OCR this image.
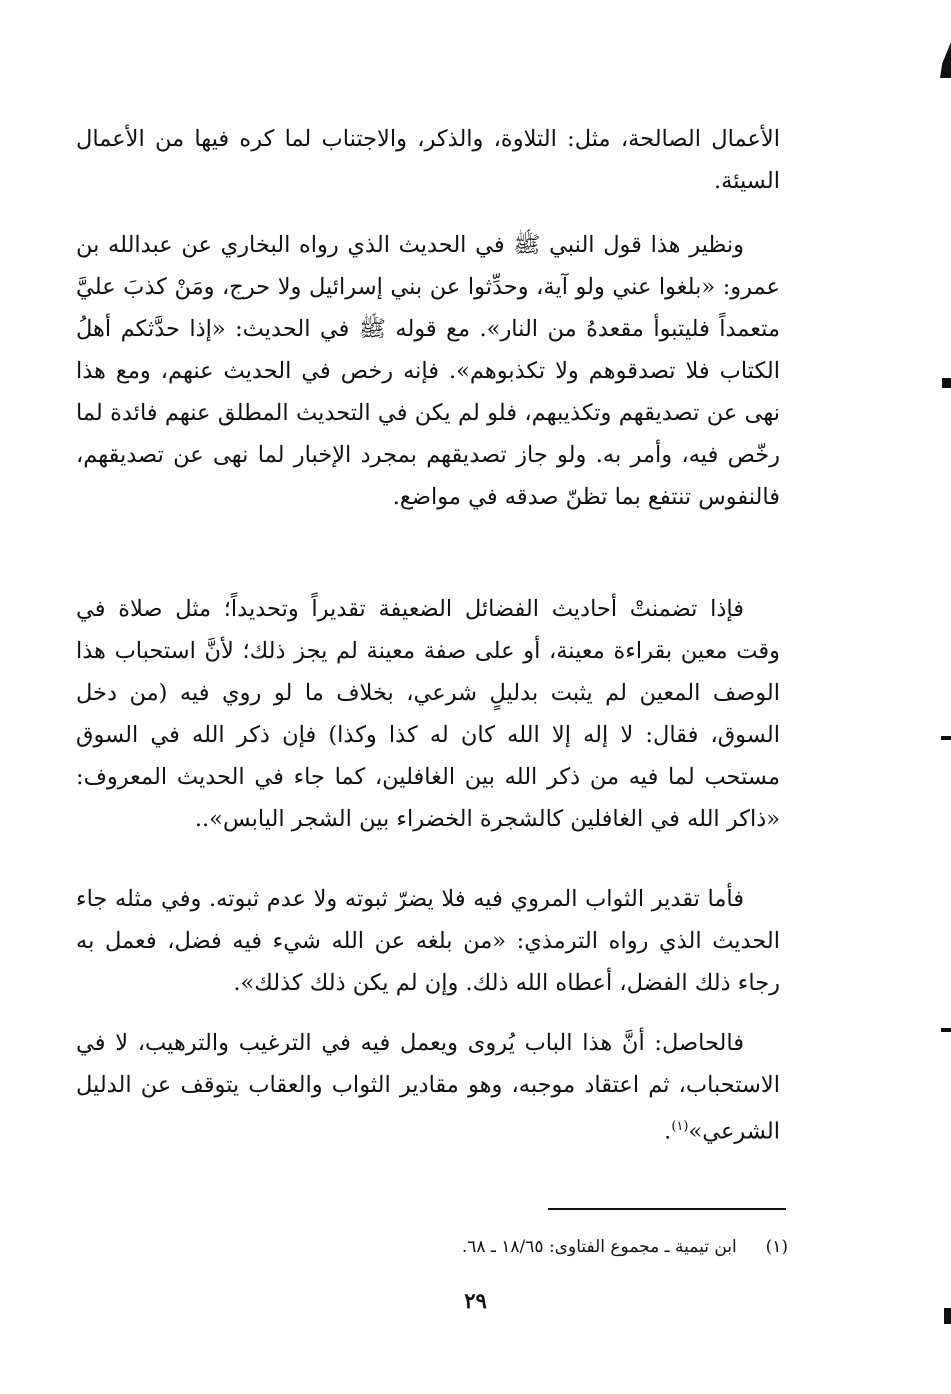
الأعمال الصالحة، مثل: التلاوة، والذكر، والاجتناب لما كره فيها من الأعمال السيئة.

ونظير هذا قول النبي ﷺ في الحديث الذي رواه البخاري عن عبدالله بن عمرو: «بلغوا عني ولو آية، وحدِّثوا عن بني إسرائيل ولا حرج، ومَنْ كذبَ عليَّ متعمداً فليتبوأ مقعدهُ من النار». مع قوله ﷺ في الحديث: «إذا حدَّثكم أهلُ الكتاب فلا تصدقوهم ولا تكذبوهم». فإنه رخص في الحديث عنهم، ومع هذا نهى عن تصديقهم وتكذيبهم، فلو لم يكن في التحديث المطلق عنهم فائدة لما رخّص فيه، وأمر به. ولو جاز تصديقهم بمجرد الإخبار لما نهى عن تصديقهم، فالنفوس تنتفع بما تظنّ صدقه في مواضع.

فإذا تضمنتْ أحاديث الفضائل الضعيفة تقديراً وتحديداً؛ مثل صلاة في وقت معين بقراءة معينة، أو على صفة معينة لم يجز ذلك؛ لأنَّ استحباب هذا الوصف المعين لم يثبت بدليلٍ شرعي، بخلاف ما لو روي فيه (من دخل السوق، فقال: لا إله إلا الله كان له كذا وكذا) فإن ذكر الله في السوق مستحب لما فيه من ذكر الله بين الغافلين، كما جاء في الحديث المعروف: «ذاكر الله في الغافلين كالشجرة الخضراء بين الشجر اليابس»..

فأما تقدير الثواب المروي فيه فلا يضرّ ثبوته ولا عدم ثبوته. وفي مثله جاء الحديث الذي رواه الترمذي: «من بلغه عن الله شيء فيه فضل، فعمل به رجاء ذلك الفضل، أعطاه الله ذلك. وإن لم يكن ذلك كذلك».

فالحاصل: أنَّ هذا الباب يُروى ويعمل فيه في الترغيب والترهيب، لا في الاستحباب، ثم اعتقاد موجبه، وهو مقادير الثواب والعقاب يتوقف عن الدليل الشرعي»$^{(١)}$.

(١)  ابن تيمية ـ مجموع الفتاوى: ١٨/٦٥ ـ ٦٨.
٢٩
